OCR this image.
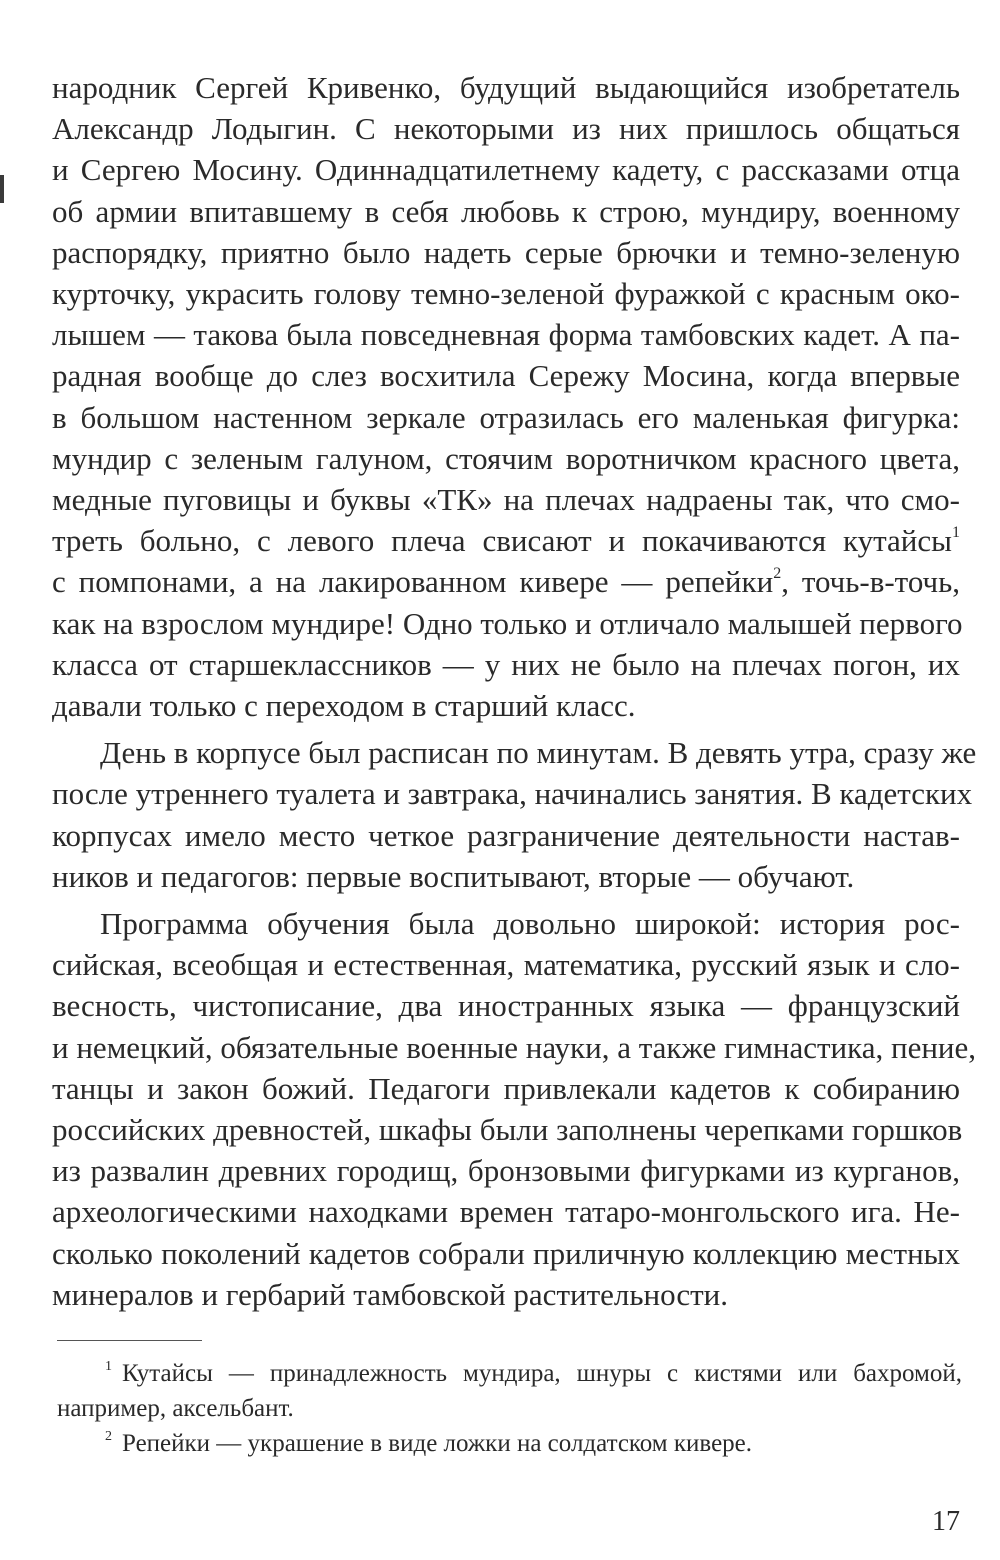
народник Сергей Кривенко, будущий выдающийся изобретатель
Александр Лодыгин. С некоторыми из них пришлось общаться
и Сергею Мосину. Одиннадцатилетнему кадету, с рассказами отца
об армии впитавшему в себя любовь к строю, мундиру, военному
распорядку, приятно было надеть серые брючки и темно-зеленую
курточку, украсить голову темно-зеленой фуражкой с красным око-
лышем — такова была повседневная форма тамбовских кадет. А па-
радная вообще до слез восхитила Сережу Мосина, когда впервые
в большом настенном зеркале отразилась его маленькая фигурка:
мундир с зеленым галуном, стоячим воротничком красного цвета,
медные пуговицы и буквы «ТК» на плечах надраены так, что смо-
треть больно, с левого плеча свисают и покачиваются кутайсы$^1$
с помпонами, а на лакированном кивере — репейки$^2$, точь-в-точь,
как на взрослом мундире! Одно только и отличало малышей первого
класса от старшеклассников — у них не было на плечах погон, их
давали только с переходом в старший класс.
День в корпусе был расписан по минутам. В девять утра, сразу же
после утреннего туалета и завтрака, начинались занятия. В кадетских
корпусах имело место четкое разграничение деятельности настав-
ников и педагогов: первые воспитывают, вторые — обучают.
Программа обучения была довольно широкой: история рос-
сийская, всеобщая и естественная, математика, русский язык и сло-
весность, чистописание, два иностранных языка — французский
и немецкий, обязательные военные науки, а также гимнастика, пение,
танцы и закон божий. Педагоги привлекали кадетов к собиранию
российских древностей, шкафы были заполнены черепками горшков
из развалин древних городищ, бронзовыми фигурками из курганов,
археологическими находками времен татаро-монгольского ига. Не-
сколько поколений кадетов собрали приличную коллекцию местных
минералов и гербарий тамбовской растительности.
$^1$ Кутайсы — принадлежность мундира, шнуры с кистями или бахромой,
например, аксельбант.
$^2$ Репейки — украшение в виде ложки на солдатском кивере.
17
